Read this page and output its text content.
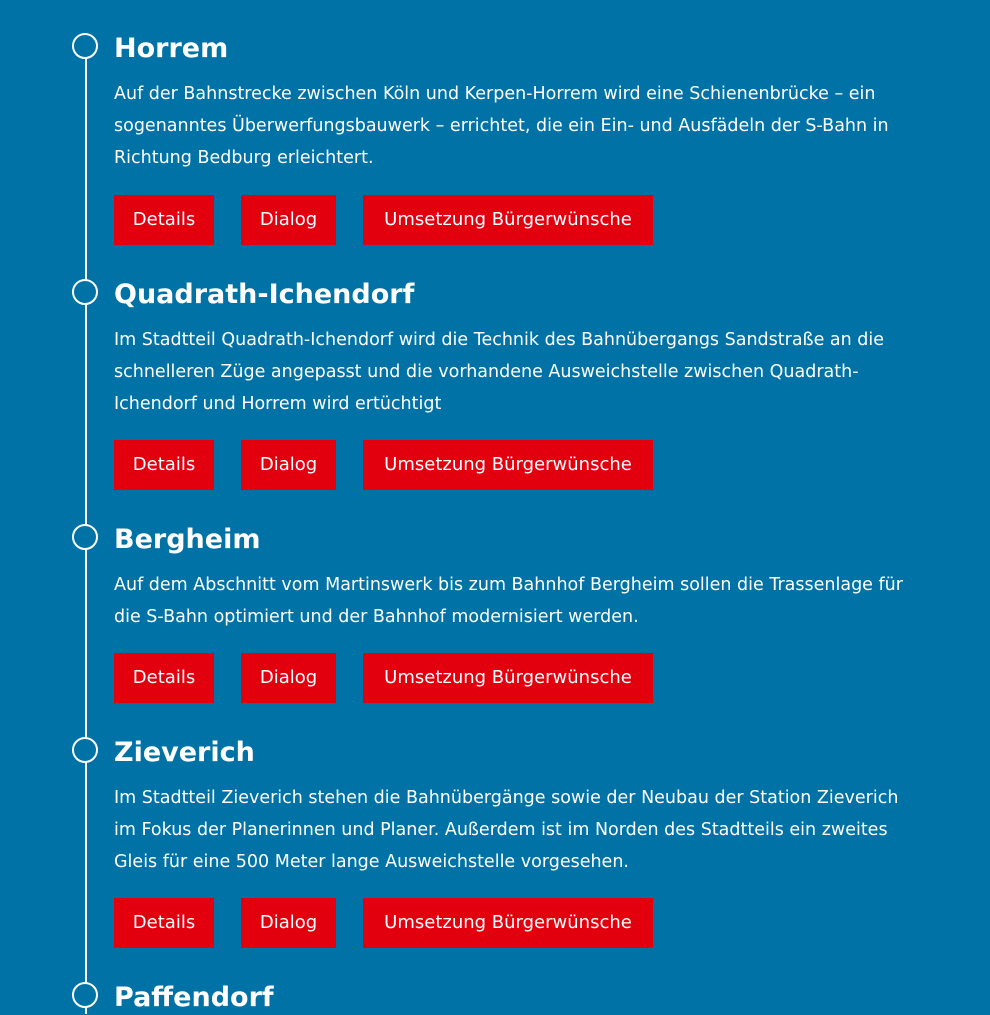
Horrem

Auf der Bahnstrecke zwischen Köln und Kerpen-Horrem wird eine Schienenbrücke – ein sogenanntes Überwerfungsbauwerk – errichtet, die ein Ein- und Ausfädeln der S-Bahn in Richtung Bedburg erleichtert.

Details	Dialog	Umsetzung Bürgerwünsche
Quadrath-Ichendorf

Im Stadtteil Quadrath-Ichendorf wird die Technik des Bahnübergangs Sandstraße an die schnelleren Züge angepasst und die vorhandene Ausweichstelle zwischen Quadrath-Ichendorf und Horrem wird ertüchtigt

Details	Dialog	Umsetzung Bürgerwünsche
Bergheim

Auf dem Abschnitt vom Martinswerk bis zum Bahnhof Bergheim sollen die Trassenlage für die S-Bahn optimiert und der Bahnhof modernisiert werden.

Details	Dialog	Umsetzung Bürgerwünsche
Zieverich

Im Stadtteil Zieverich stehen die Bahnübergänge sowie der Neubau der Station Zieverich im Fokus der Planerinnen und Planer. Außerdem ist im Norden des Stadtteils ein zweites Gleis für eine 500 Meter lange Ausweichstelle vorgesehen.

Details	Dialog	Umsetzung Bürgerwünsche
Paffendorf
